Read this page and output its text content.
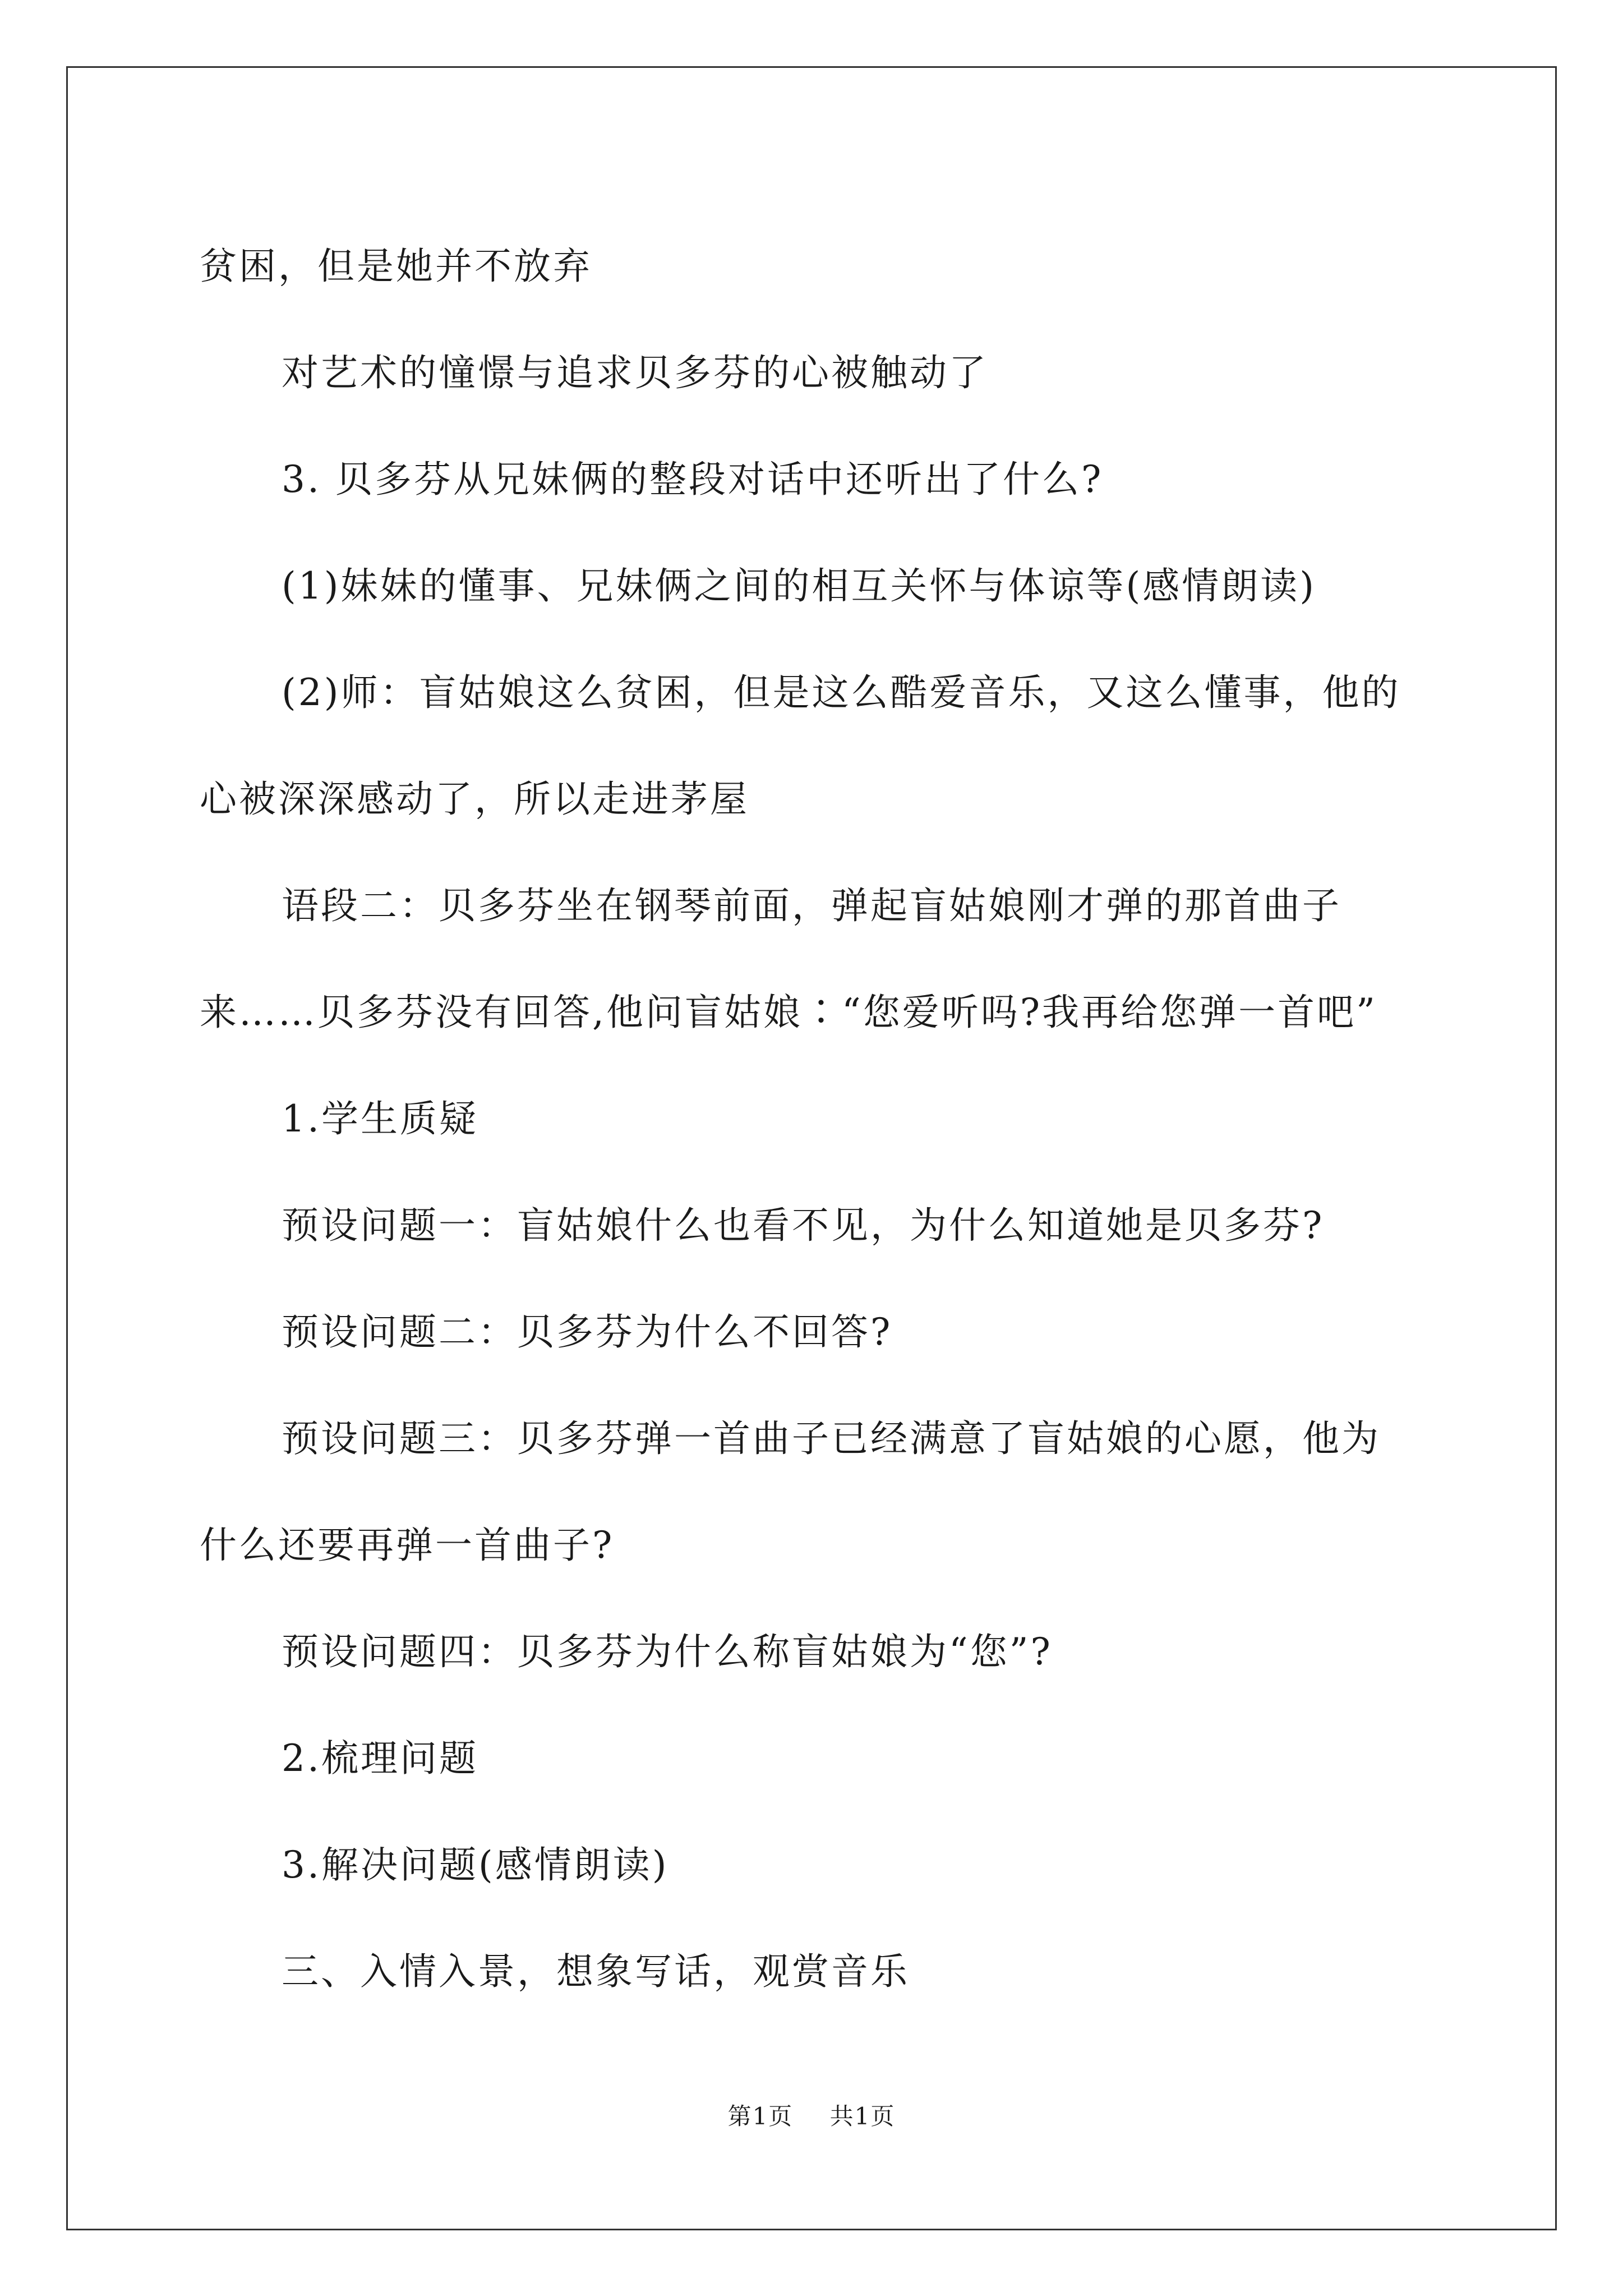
贫困，但是她并不放弃
对艺术的憧憬与追求贝多芬的心被触动了
3. 贝多芬从兄妹俩的整段对话中还听出了什么?
(1)妹妹的懂事、兄妹俩之间的相互关怀与体谅等(感情朗读)
(2)师：盲姑娘这么贫困，但是这么酷爱音乐，又这么懂事，他的
心被深深感动了，所以走进茅屋
语段二：贝多芬坐在钢琴前面，弹起盲姑娘刚才弹的那首曲子
来……贝多芬没有回答,他问盲姑娘∶“您爱听吗?我再给您弹一首吧”
1.学生质疑
预设问题一：盲姑娘什么也看不见，为什么知道她是贝多芬?
预设问题二：贝多芬为什么不回答?
预设问题三：贝多芬弹一首曲子已经满意了盲姑娘的心愿，他为
什么还要再弹一首曲子?
预设问题四：贝多芬为什么称盲姑娘为“您”?
2.梳理问题
3.解决问题(感情朗读)
三、入情入景，想象写话，观赏音乐
第1页 共1页
